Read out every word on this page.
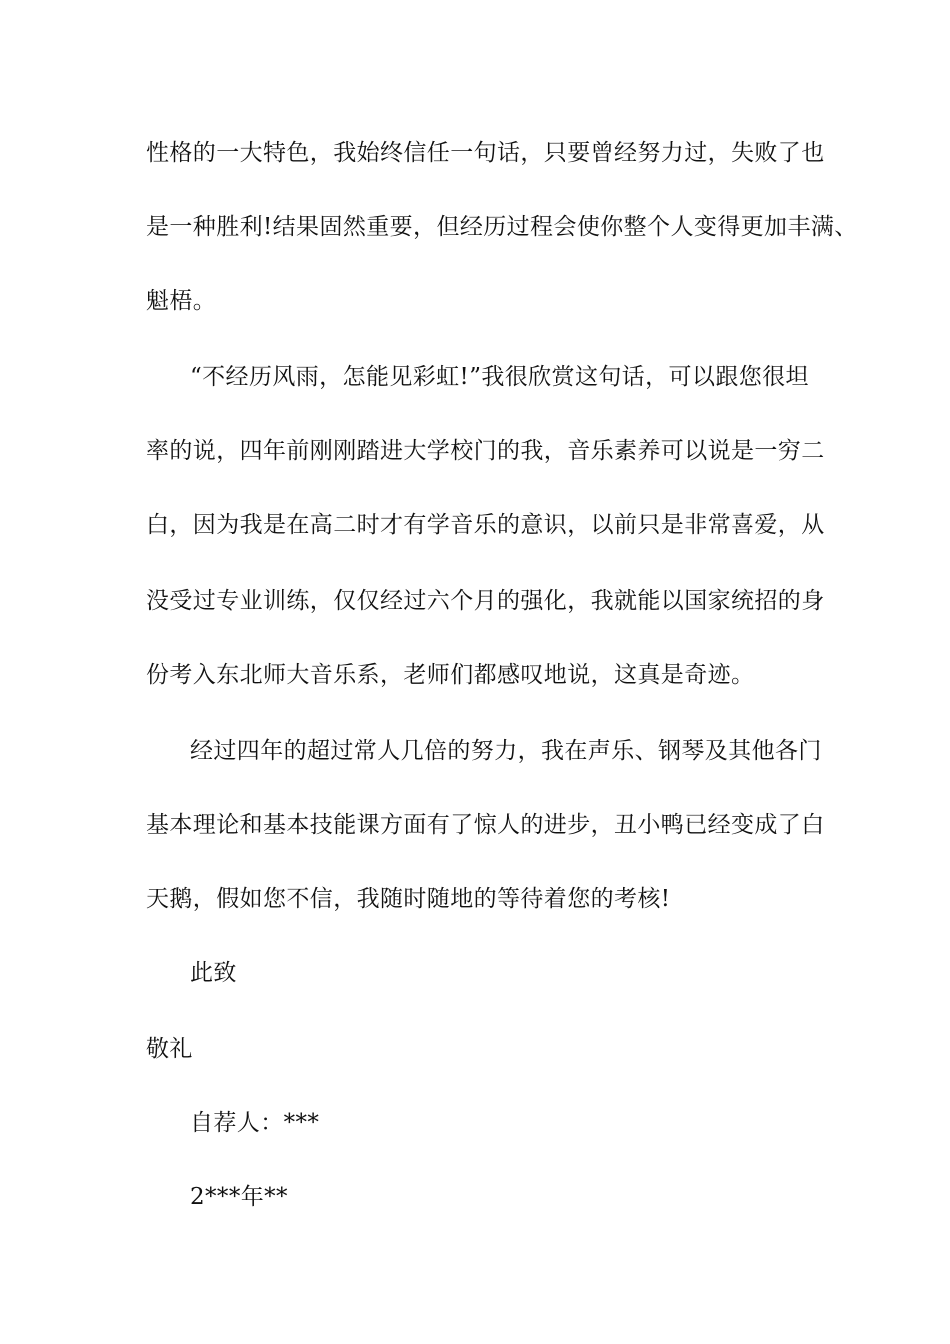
性格的一大特色，我始终信任一句话，只要曾经努力过，失败了也
是一种胜利!结果固然重要，但经历过程会使你整个人变得更加丰满、
魁梧。
“不经历风雨，怎能见彩虹!”我很欣赏这句话，可以跟您很坦
率的说，四年前刚刚踏进大学校门的我，音乐素养可以说是一穷二
白，因为我是在高二时才有学音乐的意识，以前只是非常喜爱，从
没受过专业训练，仅仅经过六个月的强化，我就能以国家统招的身
份考入东北师大音乐系，老师们都感叹地说，这真是奇迹。
经过四年的超过常人几倍的努力，我在声乐、钢琴及其他各门
基本理论和基本技能课方面有了惊人的进步，丑小鸭已经变成了白
天鹅，假如您不信，我随时随地的等待着您的考核!
此致
敬礼
自荐人：***
2***年**
